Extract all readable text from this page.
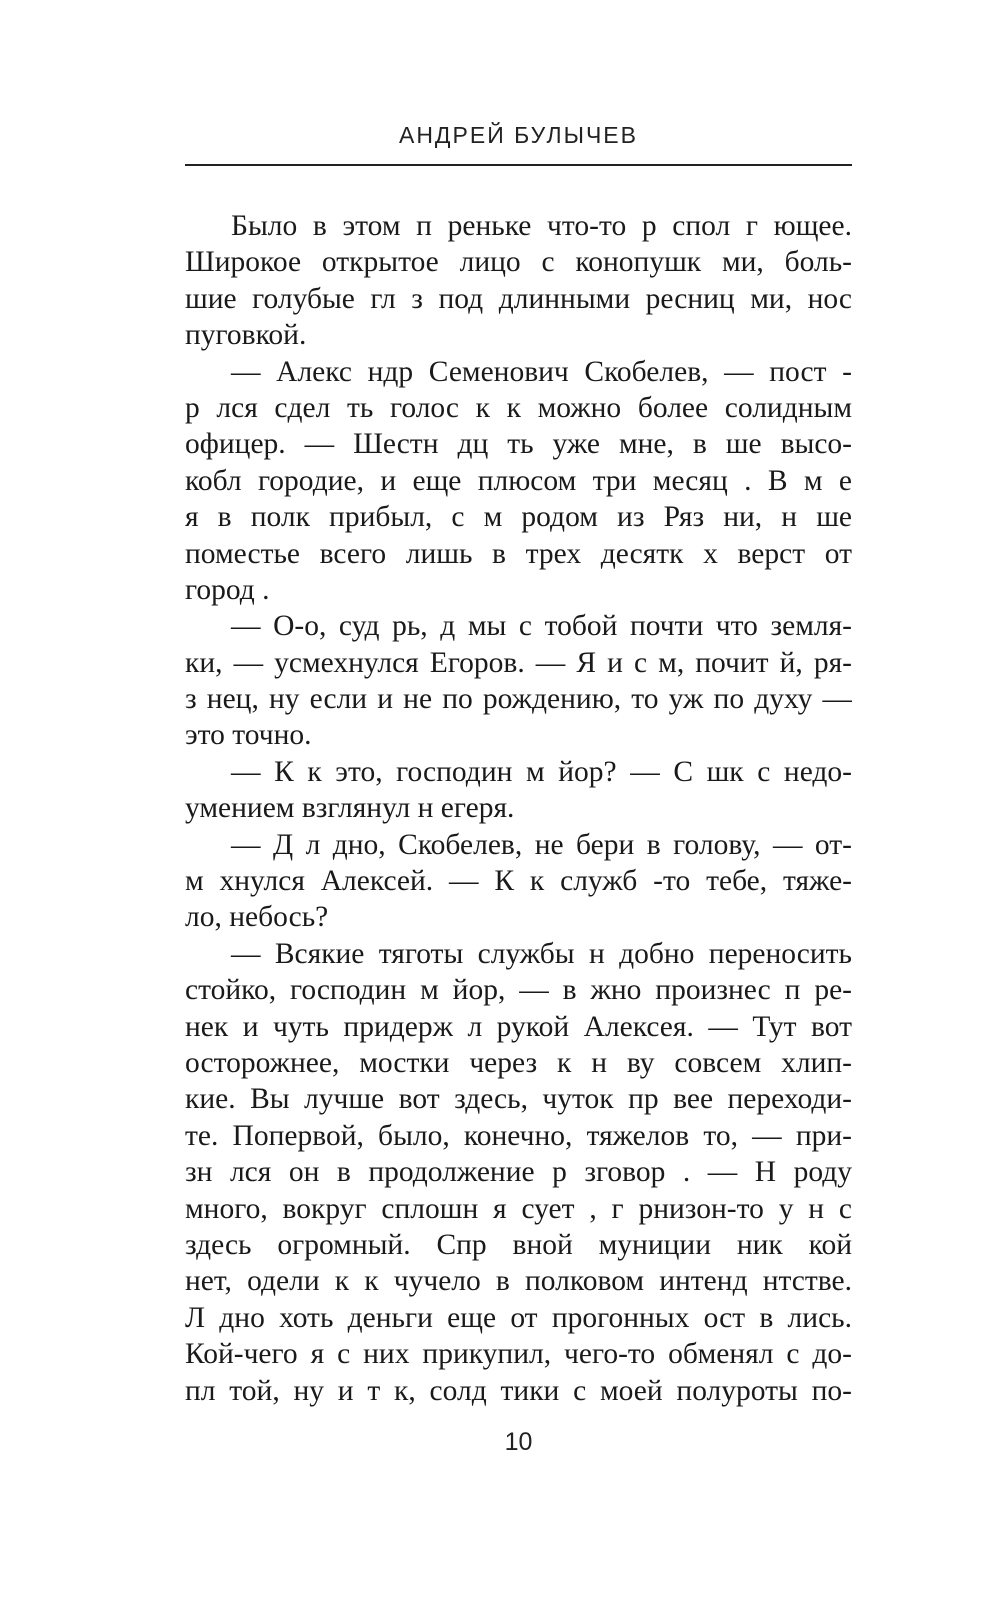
АНДРЕЙ БУЛЫЧЕВ
Было в этом п реньке что-то р спол г ющее.
Широкое открытое лицо с конопушк ми, боль-
шие голубые гл з под длинными ресниц ми, нос
пуговкой.
— Алекс ндр Семенович Скобелев, — пост -
р лся сдел ть голос к к можно более солидным
офицер. — Шестн дц ть уже мне, в ше высо-
кобл городие, и еще плюсом три месяц . В м е
я в полк прибыл, с м родом из Ряз ни, н ше
поместье всего лишь в трех десятк х верст от
город .
— О-о, суд рь, д мы с тобой почти что земля-
ки, — усмехнулся Егоров. — Я и с м, почит й, ря-
з нец, ну если и не по рождению, то уж по духу —
это точно.
— К к это, господин м йор? — С шк с недо-
умением взглянул н егеря.
— Д л дно, Скобелев, не бери в голову, — от-
м хнулся Алексей. — К к служб -то тебе, тяже-
ло, небось?
— Всякие тяготы службы н добно переносить
стойко, господин м йор, — в жно произнес п ре-
нек и чуть придерж л рукой Алексея. — Тут вот
осторожнее, мостки через к н ву совсем хлип-
кие. Вы лучше вот здесь, чуток пр веe переходи-
те. Попервой, было, конечно, тяжелов то, — при-
зн лся он в продолжение р зговор . — Н роду
много, вокруг сплошн я сует , г рнизон-то у н с
здесь огромный. Спр вной муниции ник кой
нет, одели к к чучело в полковом интенд нтстве.
Л дно хоть деньги еще от прогонных ост в лись.
Кой-чего я с них прикупил, чего-то обменял с до-
пл той, ну и т к, солд тики с моей полуроты по-
10
